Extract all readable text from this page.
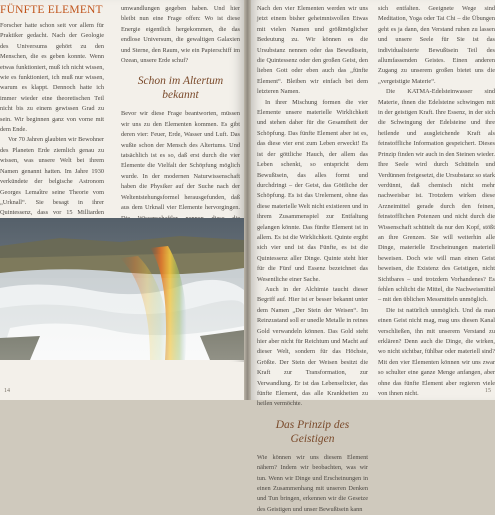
FÜNFTE ELEMENT

Forscher hatte schon seit vor allem für Praktiker gedacht. Nach der Geologie des Universums gehört zu den Menschen, die es geben konnte. Wenn etwas funktioniert, muß ich nicht wissen, wie es funktioniert, ich muß nur wissen, warum es klappt. Dennoch hatte ich immer wieder eine theoretischen Teil nicht bis zu einem gewissen Grad zu sein. Wir beginnen ganz von vorne mit dem Ende.

Vor 70 Jahren glaubten wir Bewohner des Planeten Erde ziemlich genau zu wissen, was unsere Welt bei ihrem Namen genannt hatten. Im Jahre 1930 verkündete der belgische Astronom Georges Lemaître seine Theorie vom „Urknall“. Sie besagt in ihrer Quintessenz, dass vor 15 Milliarden

umwandlungen gegeben haben. Und hier bleibt nun eine Frage offen: Wo ist diese Energie eigentlich hergekommen, die das endlose Universum, die gewaltigen Galaxien und Sterne, den Raum, wie ein Papierschiff im Ozean, unsere Erde schuf?

Schon im Altertum bekannt

Bevor wir diese Frage beantworten, müssen wir uns zu den Elementen kommen. Es gibt deren vier: Feuer, Erde, Wasser und Luft. Das wußte schon der Mensch des Altertums. Und tatsächlich ist es so, daß erst durch die vier Elemente die Vielfalt der Schöpfung möglich wurde. In der modernen Naturwissenschaft haben die Physiker auf der Suche nach der Weltentstehungsformel herausgefunden, daß aus dem Urknall vier Elemente hervorgingen.

14

Nach den vier Elementen werden wir uns jetzt einem bisher geheimnisvollen Etwas mit vielen Namen und größtmöglicher Bedeutung zu. Wir können es die Ursubstanz nennen oder das Bewußtsein, die Quintessenz oder den großen Geist, den lieben Gott oder eben auch das „fünfte Element“. Bleiben wir einfach bei dem letzteren Namen.

In ihrer Mischung formen die vier Elemente unsere materielle Wirklichkeit und stehen daher für die Gesamtheit der Schöpfung. Das fünfte Element aber ist es, das diese vier erst zum Leben erweckt! Es ist der göttliche Hauch, der allem das Leben schenkt, so entspricht dem Bewußtsein, das alles formt und durchdringt – der Geist, das Göttliche der Schöpfung. Es ist das Urelement, ohne das diese materielle Welt nicht existieren und in ihrem Zusammenspiel zur Entfaltung gelangen könnte. Das fünfte Element ist in allem. Es ist die Wirklichkeit. Quinte ergibt sich vier und ist das Fünfte, es ist die Quintessenz aller Dinge. Quinte steht hier für die Fünf und Essenz bezeichnet das Wesentliche einer Sache.

Auch in der Alchimie taucht dieser Begriff auf. Hier ist er besser bekannt unter dem Namen „Der Stein der Weisen“. Im Reinzustand soll er unedle Metalle in reines Gold verwandeln können. Das Gold steht hier aber nicht für Reichtum und Macht auf dieser Welt, sondern für das Höchste, Größte. Der Stein der Weisen besitzt die Kraft zur Transformation, zur Verwandlung. Er ist das Lebenselixier, das fünfte Element, das alle Krankheiten zu heilen vermöchte.

Das Prinzip des Geistigen

Wie können wir uns diesem Element nähern? Indem wir beobachten, was wir tun. Wenn wir Dinge und Erscheinungen in einen Zusammenhang mit unseren Denken und Tun bringen, erkennen wir die Gesetze des Geistigen und unser Bewußtsein kann

sich entfalten. Geeignete Wege sind Meditation, Yoga oder Tai Chi – die Übungen geht es ja dann, den Verstand ruhen zu lassen und unsere Seele für Sie ist das individualisierte Bewußtsein Teil des allumfassenden Geistes. Einen anderen Zugang zu unserem großen bietet uns die „vergeistigte Materie“.

Die KATMA-Edelsteinwasser sind Materie, ihnen die Edelsteine schwingen mit in der geistigen Kraft. Ihre Essenz, in der sich die Schwingung der Edelsteine und ihre heilende und ausgleichende Kraft als feinstoffliche Information gespeichert. Dieses Prinzip finden wir auch in den Steinen wieder. Ihre Seele wird durch Schütteln und Verdünnen freigesetzt, die Ursubstanz so stark verdünnt, daß chemisch nicht mehr nachweisbar ist. Trotzdem wirken diese Arzneimittel gerade durch den feinen, feinstofflichen Potenzen und nicht durch die Wissenschaft schüttelt da nur den Kopf, stößt an ihre Grenzen. Sie will weiterhin alle Dinge, materielle Erscheinungen materiell beweisen. Doch wie will man einen Geist beweisen, die Existenz des Geistigen, nicht Sichtbares – und trotzdem Vorhandenes? Es fehlen schlicht die Mittel, die Nachweismittel – mit den üblichen Messmitteln unmöglich.

Die ist natürlich unmöglich. Und da man einen Geist nicht mag, mag uns diesen Kanal verschließen, ihn mit unserem Verstand zu erklären? Denn auch die Dinge, die wirken, wo nicht sichtbar, fühlbar oder materiell sind? Mit den vier Elementen können wir uns zwar so schulter eine ganze Menge anfangen, aber ohne das fünfte Element aber regieren viele von ihnen nicht.	15
